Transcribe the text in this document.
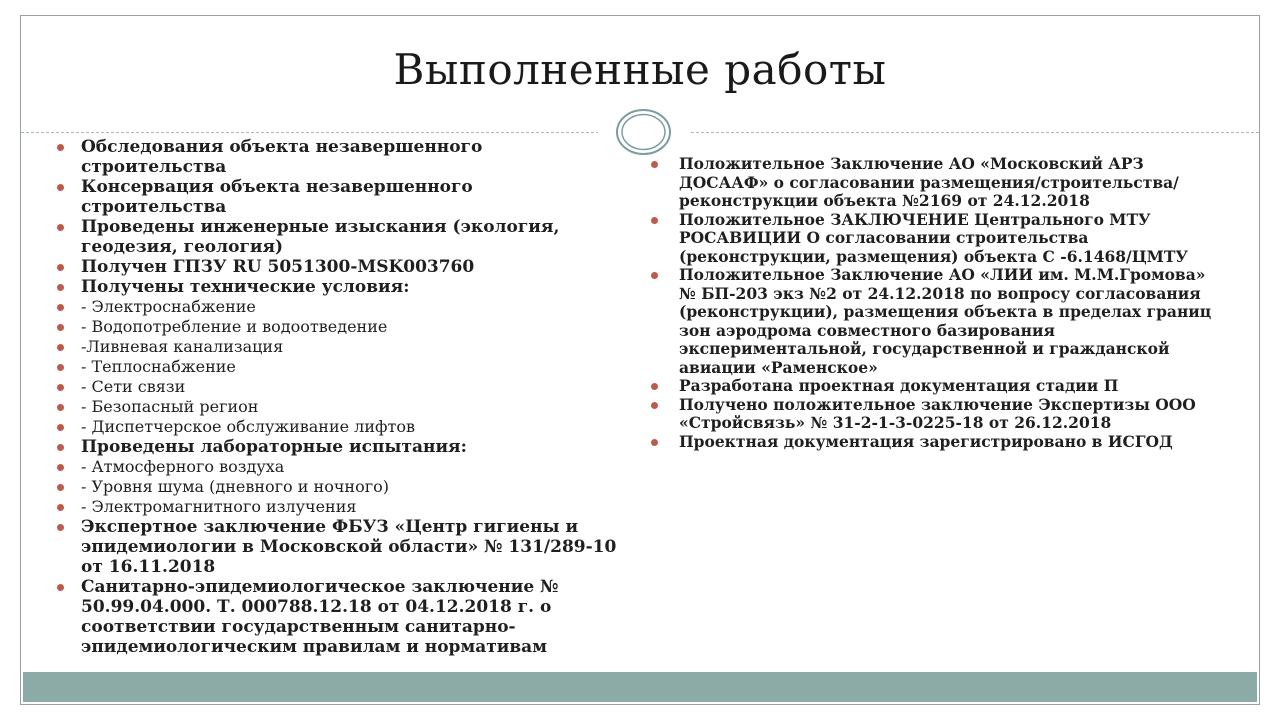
Выполненные работы
Обследования объекта незавершенного строительства
Консервация объекта незавершенного строительства
Проведены инженерные изыскания (экология, геодезия, геология)
Получен ГПЗУ RU 5051300-MSK003760
Получены технические условия:
- Электроснабжение
- Водопотребление и водоотведение
-Ливневая канализация
- Теплоснабжение
- Сети связи
- Безопасный регион
- Диспетчерское обслуживание лифтов
Проведены лабораторные испытания:
- Атмосферного воздуха
- Уровня шума (дневного и ночного)
- Электромагнитного излучения
Экспертное заключение ФБУЗ «Центр гигиены и эпидемиологии в Московской области» № 131/289-10 от 16.11.2018
Санитарно-эпидемиологическое заключение № 50.99.04.000. Т. 000788.12.18 от 04.12.2018 г. о соответствии государственным санитарно-эпидемиологическим правилам и нормативам
Положительное Заключение АО «Московский АРЗ ДОСААФ» о согласовании размещения/строительства/реконструкции объекта №2169 от 24.12.2018
Положительное ЗАКЛЮЧЕНИЕ Центрального МТУ РОСАВИЦИИ О согласовании строительства (реконструкции, размещения) объекта С -6.1468/ЦМТУ
Положительное Заключение АО «ЛИИ им. М.М.Громова» № БП-203 экз №2 от 24.12.2018 по вопросу согласования (реконструкции), размещения объекта в пределах границ зон аэродрома совместного базирования экспериментальной, государственной и гражданской авиации «Раменское»
Разработана проектная документация стадии П
Получено положительное заключение Экспертизы ООО «Стройсвязь» № 31-2-1-3-0225-18 от 26.12.2018
Проектная документация зарегистрировано в ИСГОД
